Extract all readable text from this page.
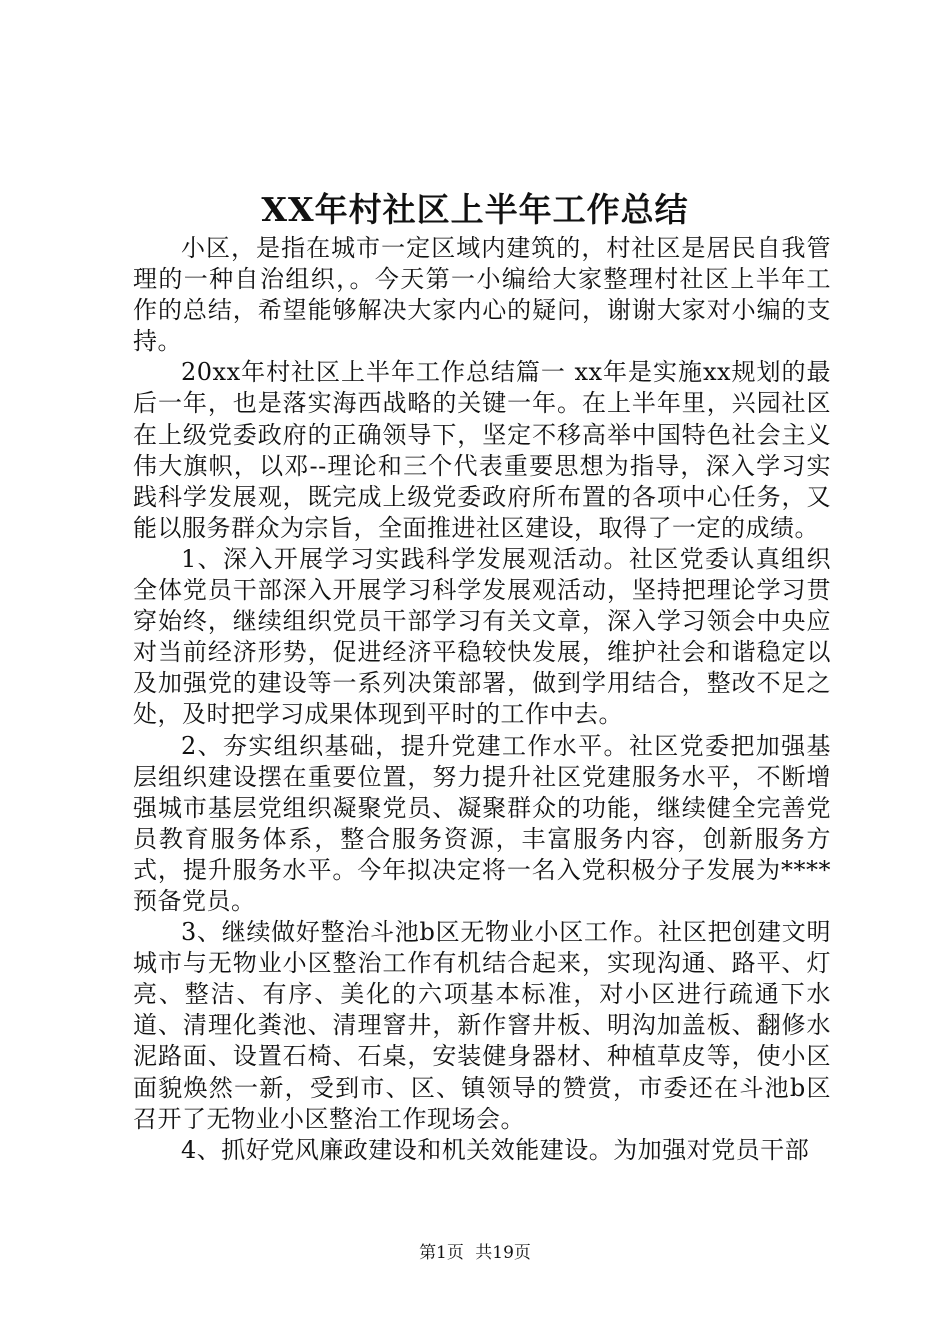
XX年村社区上半年工作总结

小区，是指在城市一定区域内建筑的，村社区是居民自我管理的一种自治组织，。今天第一小编给大家整理村社区上半年工作的总结，希望能够解决大家内心的疑问，谢谢大家对小编的支持。

20xx年村社区上半年工作总结篇一 xx年是实施xx规划的最后一年，也是落实海西战略的关键一年。在上半年里，兴园社区在上级党委政府的正确领导下，坚定不移高举中国特色社会主义伟大旗帜，以邓--理论和三个代表重要思想为指导，深入学习实践科学发展观，既完成上级党委政府所布置的各项中心任务，又能以服务群众为宗旨，全面推进社区建设，取得了一定的成绩。

1、深入开展学习实践科学发展观活动。社区党委认真组织全体党员干部深入开展学习科学发展观活动，坚持把理论学习贯穿始终，继续组织党员干部学习有关文章，深入学习领会中央应对当前经济形势，促进经济平稳较快发展，维护社会和谐稳定以及加强党的建设等一系列决策部署，做到学用结合，整改不足之处，及时把学习成果体现到平时的工作中去。

2、夯实组织基础，提升党建工作水平。社区党委把加强基层组织建设摆在重要位置，努力提升社区党建服务水平，不断增强城市基层党组织凝聚党员、凝聚群众的功能，继续健全完善党员教育服务体系，整合服务资源，丰富服务内容，创新服务方式，提升服务水平。今年拟决定将一名入党积极分子发展为****预备党员。

3、继续做好整治斗池b区无物业小区工作。社区把创建文明城市与无物业小区整治工作有机结合起来，实现沟通、路平、灯亮、整洁、有序、美化的六项基本标准，对小区进行疏通下水道、清理化粪池、清理窨井，新作窨井板、明沟加盖板、翻修水泥路面、设置石椅、石桌，安装健身器材、种植草皮等，使小区面貌焕然一新，受到市、区、镇领导的赞赏，市委还在斗池b区召开了无物业小区整治工作现场会。

4、抓好党风廉政建设和机关效能建设。为加强对党员干部

第1页 共19页
